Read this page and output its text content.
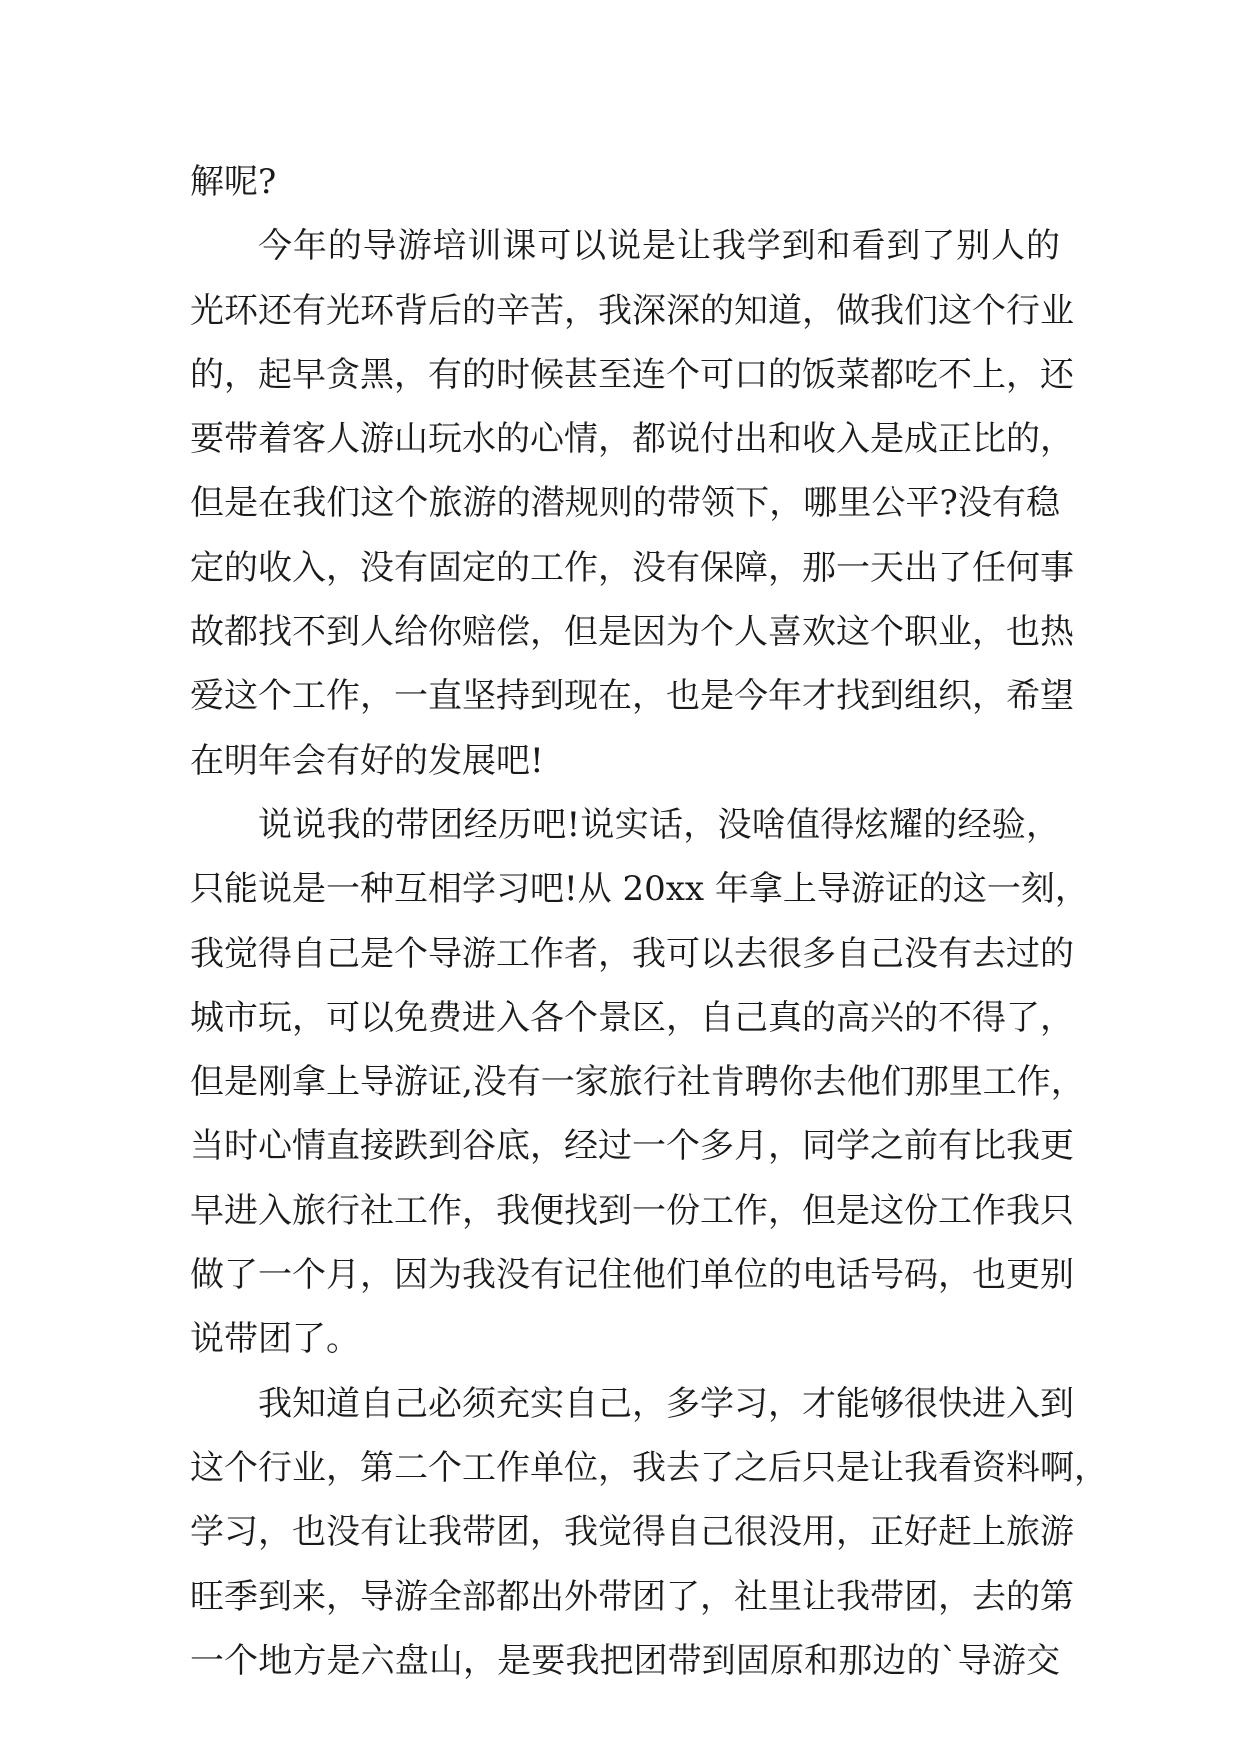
解呢?
今年的导游培训课可以说是让我学到和看到了别人的
光环还有光环背后的辛苦，我深深的知道，做我们这个行业
的，起早贪黑，有的时候甚至连个可口的饭菜都吃不上，还
要带着客人游山玩水的心情，都说付出和收入是成正比的，
但是在我们这个旅游的潜规则的带领下，哪里公平?没有稳
定的收入，没有固定的工作，没有保障，那一天出了任何事
故都找不到人给你赔偿，但是因为个人喜欢这个职业，也热
爱这个工作，一直坚持到现在，也是今年才找到组织，希望
在明年会有好的发展吧!
说说我的带团经历吧!说实话，没啥值得炫耀的经验，
只能说是一种互相学习吧!从 20xx 年拿上导游证的这一刻，
我觉得自己是个导游工作者，我可以去很多自己没有去过的
城市玩，可以免费进入各个景区，自己真的高兴的不得了，
但是刚拿上导游证,没有一家旅行社肯聘你去他们那里工作，
当时心情直接跌到谷底，经过一个多月，同学之前有比我更
早进入旅行社工作，我便找到一份工作，但是这份工作我只
做了一个月，因为我没有记住他们单位的电话号码，也更别
说带团了。
我知道自己必须充实自己，多学习，才能够很快进入到
这个行业，第二个工作单位，我去了之后只是让我看资料啊，
学习，也没有让我带团，我觉得自己很没用，正好赶上旅游
旺季到来，导游全部都出外带团了，社里让我带团，去的第
一个地方是六盘山，是要我把团带到固原和那边的`导游交
